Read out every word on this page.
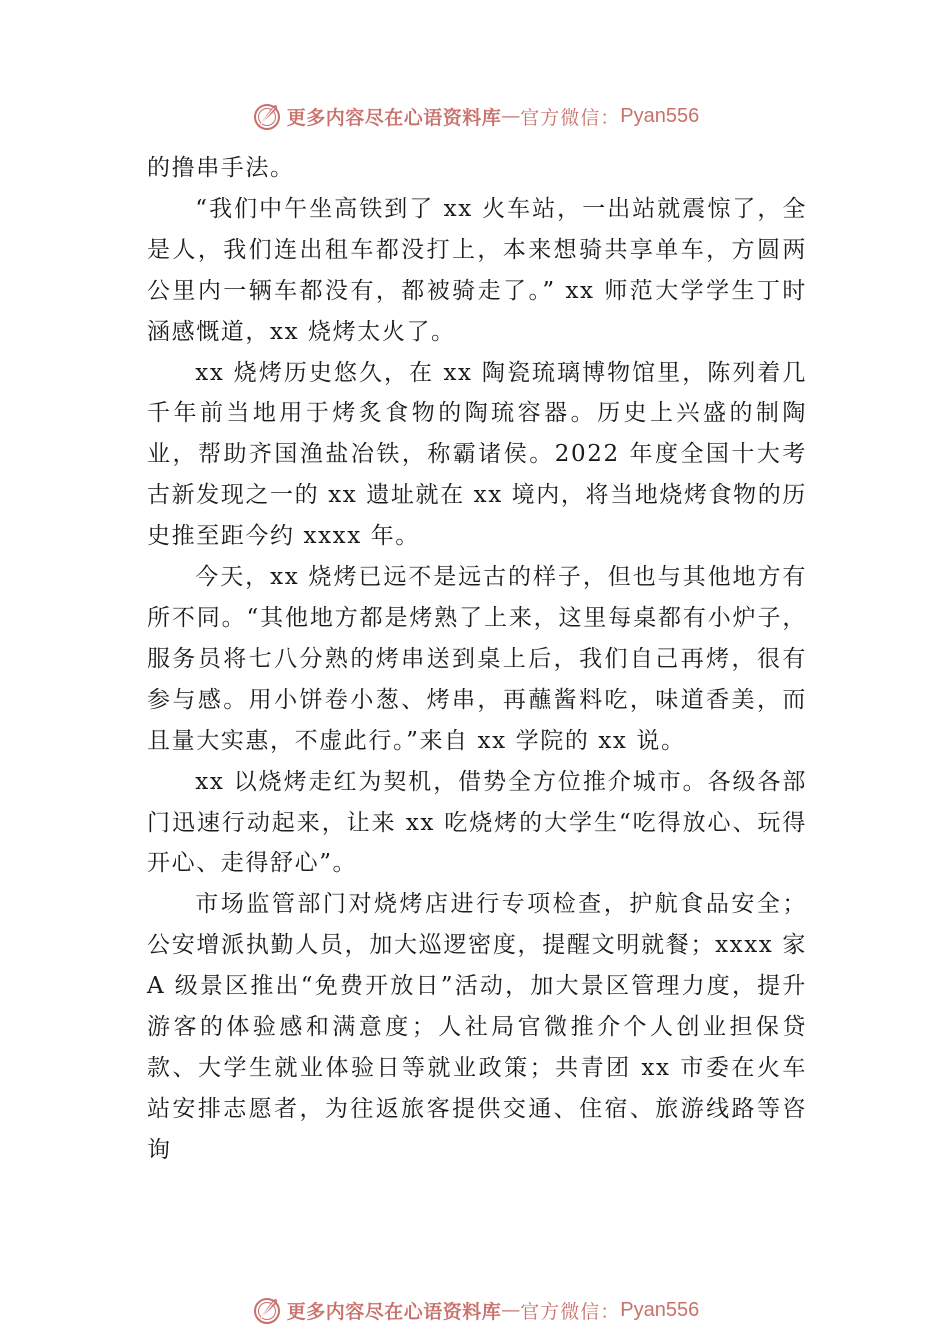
更多内容尽在心语资料库 — 官方微信： Pyan556

的撸串手法。

“我们中午坐高铁到了 xx 火车站，一出站就震惊了，全是人，我们连出租车都没打上，本来想骑共享单车，方圆两公里内一辆车都没有，都被骑走了。” xx 师范大学学生丁时涵感慨道，xx 烧烤太火了。

xx 烧烤历史悠久，在 xx 陶瓷琉璃博物馆里，陈列着几千年前当地用于烤炙食物的陶琉容器。历史上兴盛的制陶业，帮助齐国渔盐冶铁，称霸诸侯。2022 年度全国十大考古新发现之一的 xx 遗址就在 xx 境内，将当地烧烤食物的历史推至距今约 xxxx 年。

今天，xx 烧烤已远不是远古的样子，但也与其他地方有所不同。“其他地方都是烤熟了上来，这里每桌都有小炉子，服务员将七八分熟的烤串送到桌上后，我们自己再烤，很有参与感。用小饼卷小葱、烤串，再蘸酱料吃，味道香美，而且量大实惠，不虚此行。”来自 xx 学院的 xx 说。

xx 以烧烤走红为契机，借势全方位推介城市。各级各部门迅速行动起来，让来 xx 吃烧烤的大学生“吃得放心、玩得开心、走得舒心”。

市场监管部门对烧烤店进行专项检查，护航食品安全；公安增派执勤人员，加大巡逻密度，提醒文明就餐；xxxx 家 A 级景区推出“免费开放日”活动，加大景区管理力度，提升游客的体验感和满意度；人社局官微推介个人创业担保贷款、大学生就业体验日等就业政策；共青团 xx 市委在火车站安排志愿者，为往返旅客提供交通、住宿、旅游线路等咨询

更多内容尽在心语资料库 — 官方微信： Pyan556
